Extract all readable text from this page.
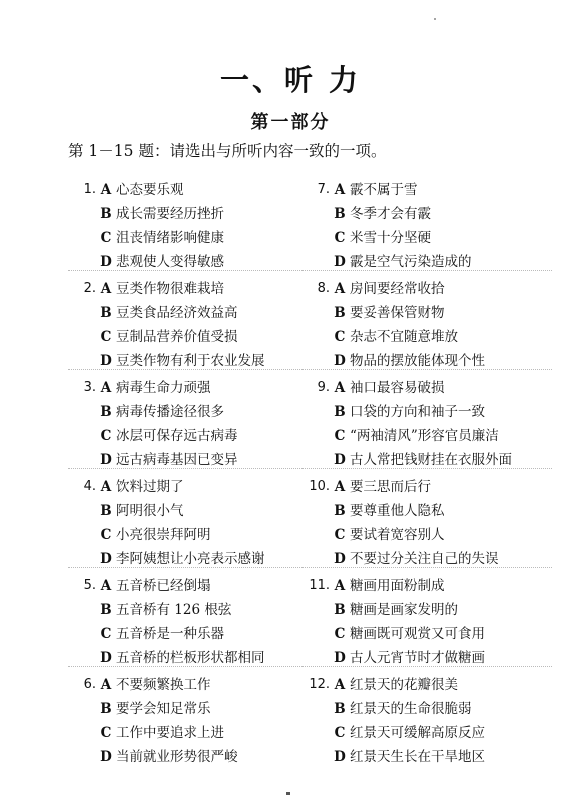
一、听 力
第一部分
第 1－15 题：请选出与所听内容一致的一项。
1. A 心态要乐观
B 成长需要经历挫折
C 沮丧情绪影响健康
D 悲观使人变得敏感
2. A 豆类作物很难栽培
B 豆类食品经济效益高
C 豆制品营养价值受损
D 豆类作物有利于农业发展
3. A 病毒生命力顽强
B 病毒传播途径很多
C 冰层可保存远古病毒
D 远古病毒基因已变异
4. A 饮料过期了
B 阿明很小气
C 小亮很崇拜阿明
D 李阿姨想让小亮表示感谢
5. A 五音桥已经倒塌
B 五音桥有 126 根弦
C 五音桥是一种乐器
D 五音桥的栏板形状都相同
6. A 不要频繁换工作
B 要学会知足常乐
C 工作中要追求上进
D 当前就业形势很严峻
7. A 霰不属于雪
B 冬季才会有霰
C 米雪十分坚硬
D 霰是空气污染造成的
8. A 房间要经常收拾
B 要妥善保管财物
C 杂志不宜随意堆放
D 物品的摆放能体现个性
9. A 袖口最容易破损
B 口袋的方向和袖子一致
C “两袖清风”形容官员廉洁
D 古人常把钱财挂在衣服外面
10. A 要三思而后行
B 要尊重他人隐私
C 要试着宽容别人
D 不要过分关注自己的失误
11. A 糖画用面粉制成
B 糖画是画家发明的
C 糖画既可观赏又可食用
D 古人元宵节时才做糖画
12. A 红景天的花瓣很美
B 红景天的生命很脆弱
C 红景天可缓解高原反应
D 红景天生长在干旱地区
